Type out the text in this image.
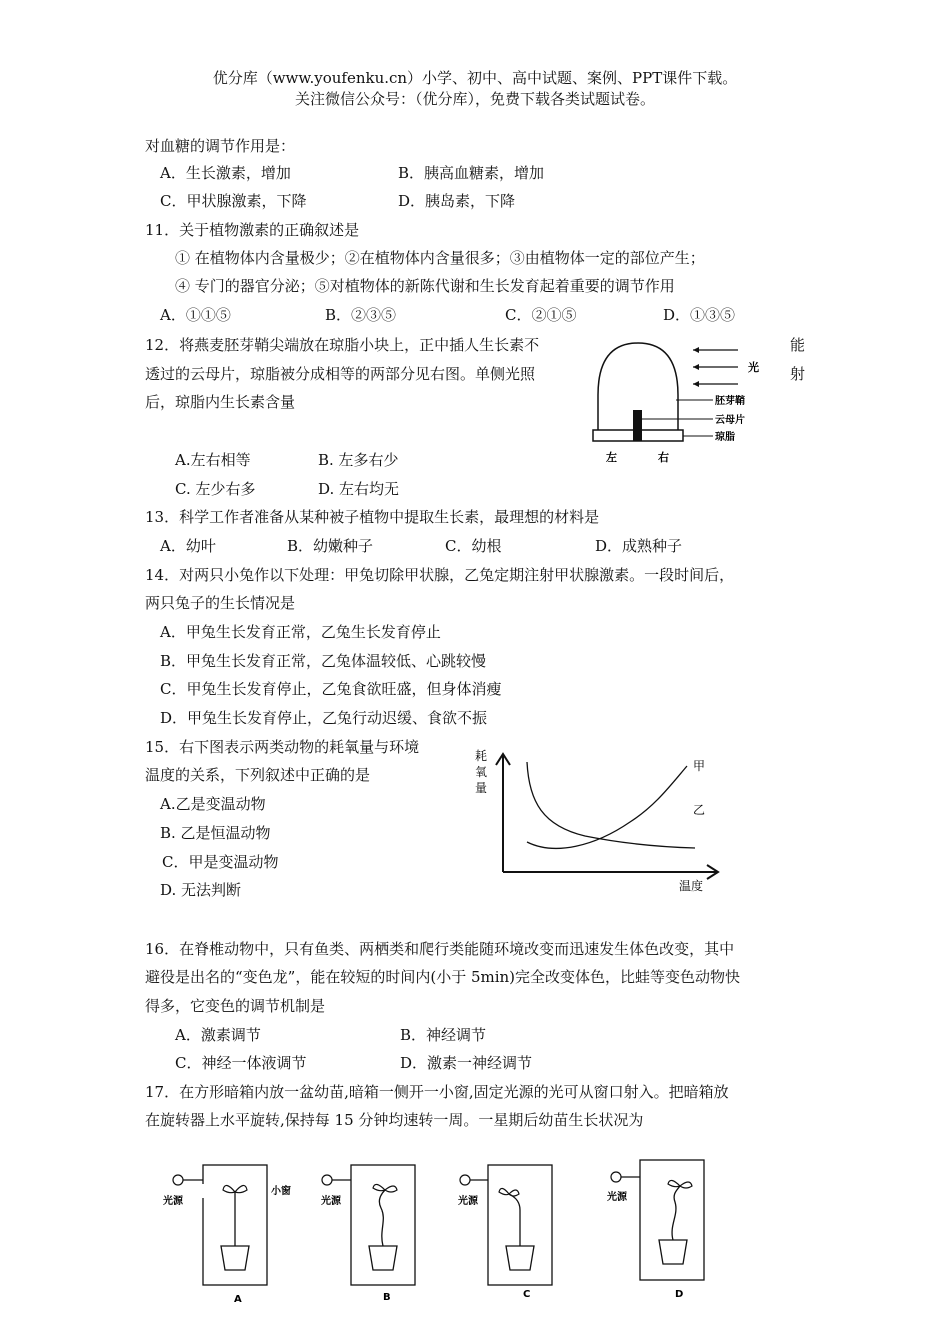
优分库（www.youfenku.cn）小学、初中、高中试题、案例、PPT课件下载。
关注微信公众号：（优分库），免费下载各类试题试卷。
对血糖的调节作用是：
A．生长激素，增加	B．胰高血糖素，增加
C．甲状腺激素，下降	D．胰岛素，下降
11．关于植物激素的正确叙述是
① 在植物体内含量极少；②在植物体内含量很多；③由植物体一定的部位产生；
④ 专门的器官分泌；⑤对植物体的新陈代谢和生长发育起着重要的调节作用
A．①①⑤	B．②③⑤	C．②①⑤	D．①③⑤
12．将燕麦胚芽鞘尖端放在琼脂小块上，正中插人生长素不	能
透过的云母片，琼脂被分成相等的两部分见右图。单侧光照	射
后，琼脂内生长素含量
光
胚芽鞘
云母片
琼脂
左	右
A.左右相等	B. 左多右少
C. 左少右多	D. 左右均无
13．科学工作者准备从某种被子植物中提取生长素，最理想的材料是
A．幼叶	B．幼嫩种子	C．幼根	D．成熟种子
14．对两只小兔作以下处理：甲兔切除甲状腺，乙兔定期注射甲状腺激素。一段时间后，
两只兔子的生长情况是
A．甲兔生长发育正常，乙兔生长发育停止
B．甲兔生长发育正常，乙兔体温较低、心跳较慢
C．甲兔生长发育停止，乙兔食欲旺盛，但身体消瘦
D．甲兔生长发育停止，乙兔行动迟缓、食欲不振
15．右下图表示两类动物的耗氧量与环境
温度的关系，下列叙述中正确的是
A.乙是变温动物
B. 乙是恒温动物
C．甲是变温动物
D. 无法判断
耗
氧
量
温度
乙
甲
16．在脊椎动物中，只有鱼类、两栖类和爬行类能随环境改变而迅速发生体色改变，其中
避役是出名的“变色龙”，能在较短的时间内(小于 5min)完全改变体色，比蛙等变色动物快
得多，它变色的调节机制是
A．激素调节	B．神经调节
C．神经一体液调节	D．激素一神经调节
17．在方形暗箱内放一盆幼苗,暗箱一侧开一小窗,固定光源的光可从窗口射入。把暗箱放
在旋转器上水平旋转,保持每 15 分钟均速转一周。一星期后幼苗生长状况为
光源
小窗
A
光源
B
光源
C
光源
D
